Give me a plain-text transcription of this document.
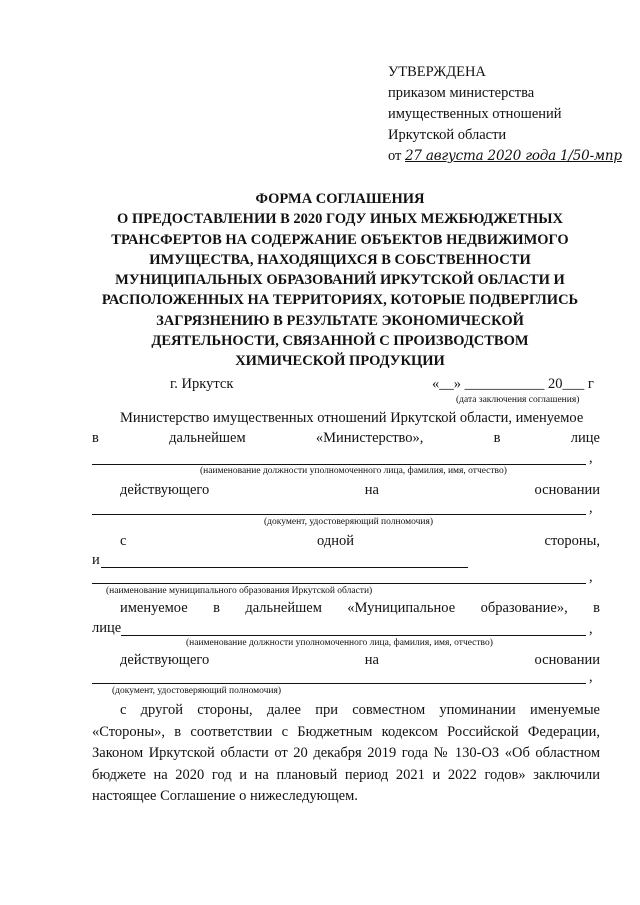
УТВЕРЖДЕНА
приказом министерства
имущественных отношений
Иркутской области
от 27 августа 2020 года 1/50-мпр
ФОРМА СОГЛАШЕНИЯ
О ПРЕДОСТАВЛЕНИИ В 2020 ГОДУ ИНЫХ МЕЖБЮДЖЕТНЫХ
ТРАНСФЕРТОВ НА СОДЕРЖАНИЕ ОБЪЕКТОВ НЕДВИЖИМОГО
ИМУЩЕСТВА, НАХОДЯЩИХСЯ В СОБСТВЕННОСТИ
МУНИЦИПАЛЬНЫХ ОБРАЗОВАНИЙ ИРКУТСКОЙ ОБЛАСТИ И
РАСПОЛОЖЕННЫХ НА ТЕРРИТОРИЯХ, КОТОРЫЕ ПОДВЕРГЛИСЬ
ЗАГРЯЗНЕНИЮ В РЕЗУЛЬТАТЕ ЭКОНОМИЧЕСКОЙ
ДЕЯТЕЛЬНОСТИ, СВЯЗАННОЙ С ПРОИЗВОДСТВОМ
ХИМИЧЕСКОЙ ПРОДУКЦИИ
г. Иркутск	«__» ___________ 20___ г
(дата заключения соглашения)
Министерство имущественных отношений Иркутской области, именуемое
в	дальнейшем	«Министерство»,	в	лице
,
(наименование должности уполномоченного лица, фамилия, имя, отчество)
действующего	на	основании
,
(документ, удостоверяющий полномочия)
с	одной	стороны,
и
,
(наименование муниципального образования Иркутской области)
именуемое в дальнейшем «Муниципальное образование», в
лице	,
(наименование должности уполномоченного лица, фамилия, имя, отчество)
действующего	на	основании
,
(документ, удостоверяющий полномочия)
с другой стороны, далее при совместном упоминании именуемые «Стороны», в соответствии с Бюджетным кодексом Российской Федерации, Законом Иркутской области от 20 декабря 2019 года № 130-ОЗ «Об областном бюджете на 2020 год и на плановый период 2021 и 2022 годов» заключили настоящее Соглашение о нижеследующем.
